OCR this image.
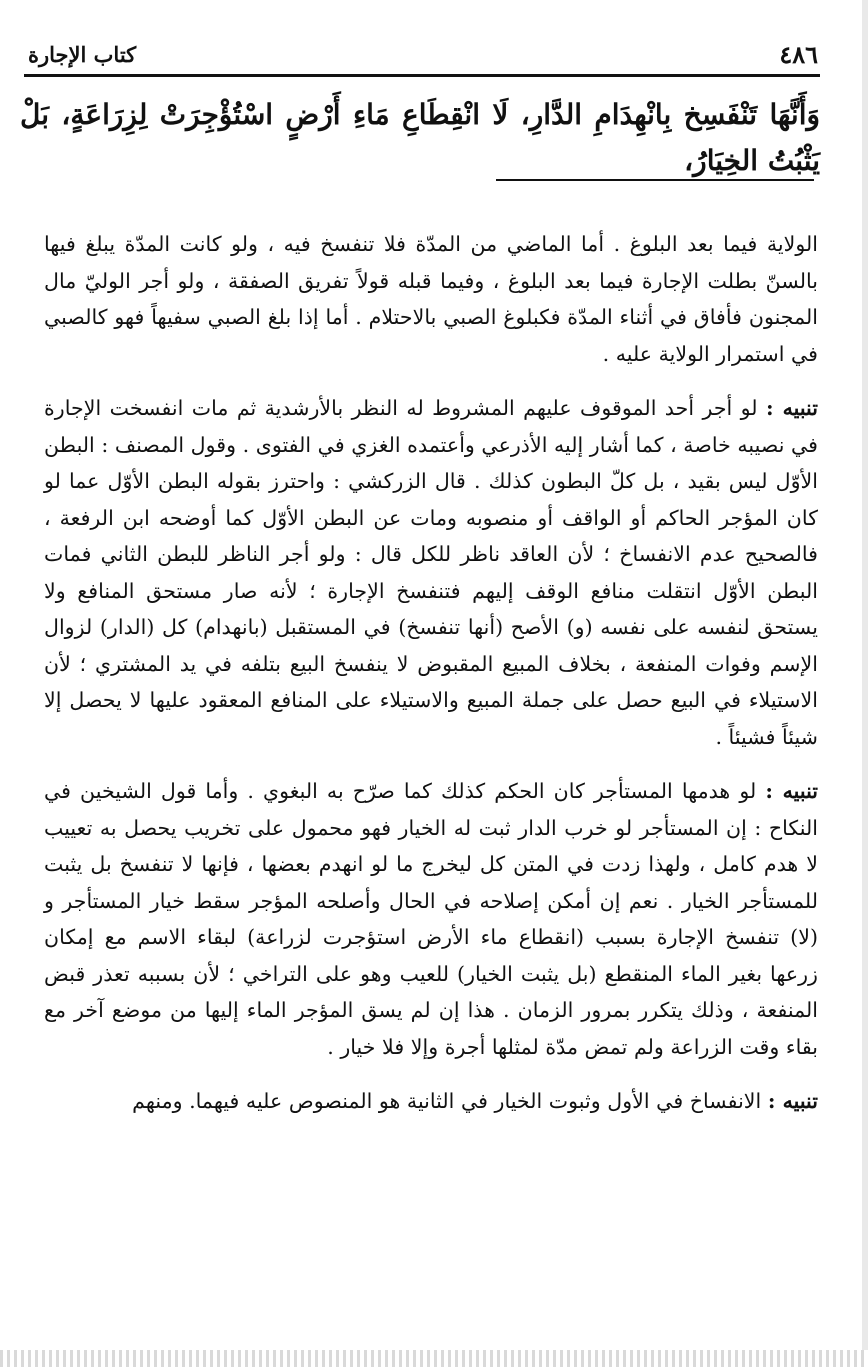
٤٨٦
كتاب الإجارة
وَأَنَّهَا تَنْفَسِخ بِانْهِدَامِ الدَّارِ، لَا انْقِطَاعِ مَاءِ أَرْضٍ اسْتُؤْجِرَتْ لِزِرَاعَةٍ، بَلْ يَثْبُتُ الخِيَارُ،

الولاية فيما بعد البلوغ . أما الماضي من المدّة فلا تنفسخ فيه ، ولو كانت المدّة يبلغ فيها بالسنّ بطلت الإجارة فيما بعد البلوغ ، وفيما قبله قولاً تفريق الصفقة ، ولو أجر الوليّ مال المجنون فأفاق في أثناء المدّة فكبلوغ الصبي بالاحتلام . أما إذا بلغ الصبي سفيهاً فهو كالصبي في استمرار الولاية عليه .

تنبيه : لو أجر أحد الموقوف عليهم المشروط له النظر بالأرشدية ثم مات انفسخت الإجارة في نصيبه خاصة ، كما أشار إليه الأذرعي وأعتمده الغزي في الفتوى . وقول المصنف : البطن الأوّل ليس بقيد ، بل كلّ البطون كذلك . قال الزركشي : واحترز بقوله البطن الأوّل عما لو كان المؤجر الحاكم أو الواقف أو منصوبه ومات عن البطن الأوّل كما أوضحه ابن الرفعة ، فالصحيح عدم الانفساخ ؛ لأن العاقد ناظر للكل قال : ولو أجر الناظر للبطن الثاني فمات البطن الأوّل انتقلت منافع الوقف إليهم فتنفسخ الإجارة ؛ لأنه صار مستحق المنافع ولا يستحق لنفسه على نفسه (و) الأصح (أنها تنفسخ) في المستقبل (بانهدام) كل (الدار) لزوال الإسم وفوات المنفعة ، بخلاف المبيع المقبوض لا ينفسخ البيع بتلفه في يد المشتري ؛ لأن الاستيلاء في البيع حصل على جملة المبيع والاستيلاء على المنافع المعقود عليها لا يحصل إلا شيئاً فشيئاً .

تنبيه : لو هدمها المستأجر كان الحكم كذلك كما صرّح به البغوي . وأما قول الشيخين في النكاح : إن المستأجر لو خرب الدار ثبت له الخيار فهو محمول على تخريب يحصل به تعييب لا هدم كامل ، ولهذا زدت في المتن كل ليخرج ما لو انهدم بعضها ، فإنها لا تنفسخ بل يثبت للمستأجر الخيار . نعم إن أمكن إصلاحه في الحال وأصلحه المؤجر سقط خيار المستأجر و (لا) تنفسخ الإجارة بسبب (انقطاع ماء الأرض استؤجرت لزراعة) لبقاء الاسم مع إمكان زرعها بغير الماء المنقطع (بل يثبت الخيار) للعيب وهو على التراخي ؛ لأن بسببه تعذر قبض المنفعة ، وذلك يتكرر بمرور الزمان . هذا إن لم يسق المؤجر الماء إليها من موضع آخر مع بقاء وقت الزراعة ولم تمض مدّة لمثلها أجرة وإلا فلا خيار .

تنبيه : الانفساخ في الأول وثبوت الخيار في الثانية هو المنصوص عليه فيهما. ومنهم
